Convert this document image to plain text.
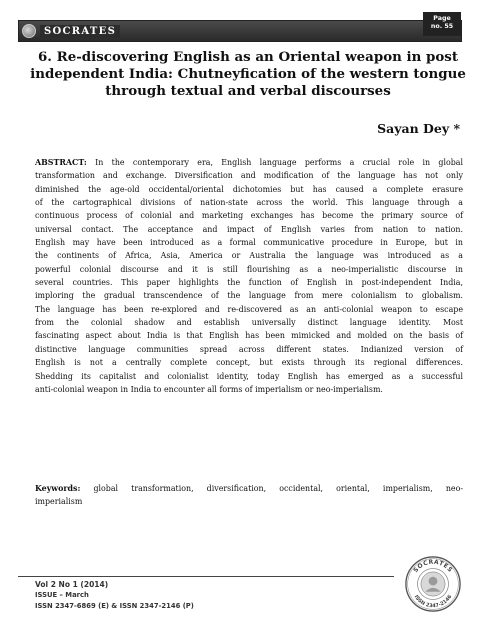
SOCRATES
Page
no. 55
6. Re-discovering English as an Oriental weapon in post
independent India: Chutneyfication of the western tongue
through textual and verbal discourses
Sayan Dey *
ABSTRACT: In the contemporary era, English language performs a crucial role in global
transformation and exchange. Diversification and modification of the language has not only
diminished the age-old occidental/oriental dichotomies but has caused a complete erasure
of the cartographical divisions of nation-state across the world. This language through a
continuous process of colonial and marketing exchanges has become the primary source of
universal contact. The acceptance and impact of English varies from nation to nation.
English may have been introduced as a formal communicative procedure in Europe, but in
the continents of Africa, Asia, America or Australia the language was introduced as a
powerful colonial discourse and it is still flourishing as a neo-imperialistic discourse in
several countries. This paper highlights the function of English in post-independent India,
imploring the gradual transcendence of the language from mere colonialism to globalism.
The language has been re-explored and re-discovered as an anti-colonial weapon to escape
from the colonial shadow and establish universally distinct language identity. Most
fascinating aspect about India is that English has been mimicked and molded on the basis of
distinctive language communities spread across different states. Indianized version of
English is not a centrally complete concept, but exists through its regional differences.
Shedding its capitalist and colonialist identity, today English has emerged as a successful
anti-colonial weapon in India to encounter all forms of imperialism or neo-imperialism.
Keywords: global transformation, diversification, occidental, oriental, imperialism, neo-
imperialism
Vol 2 No 1 (2014)
ISSUE – March
ISSN 2347-6869 (E) & ISSN 2347-2146 (P)
SOCRATES
ISSN 2347-2146
